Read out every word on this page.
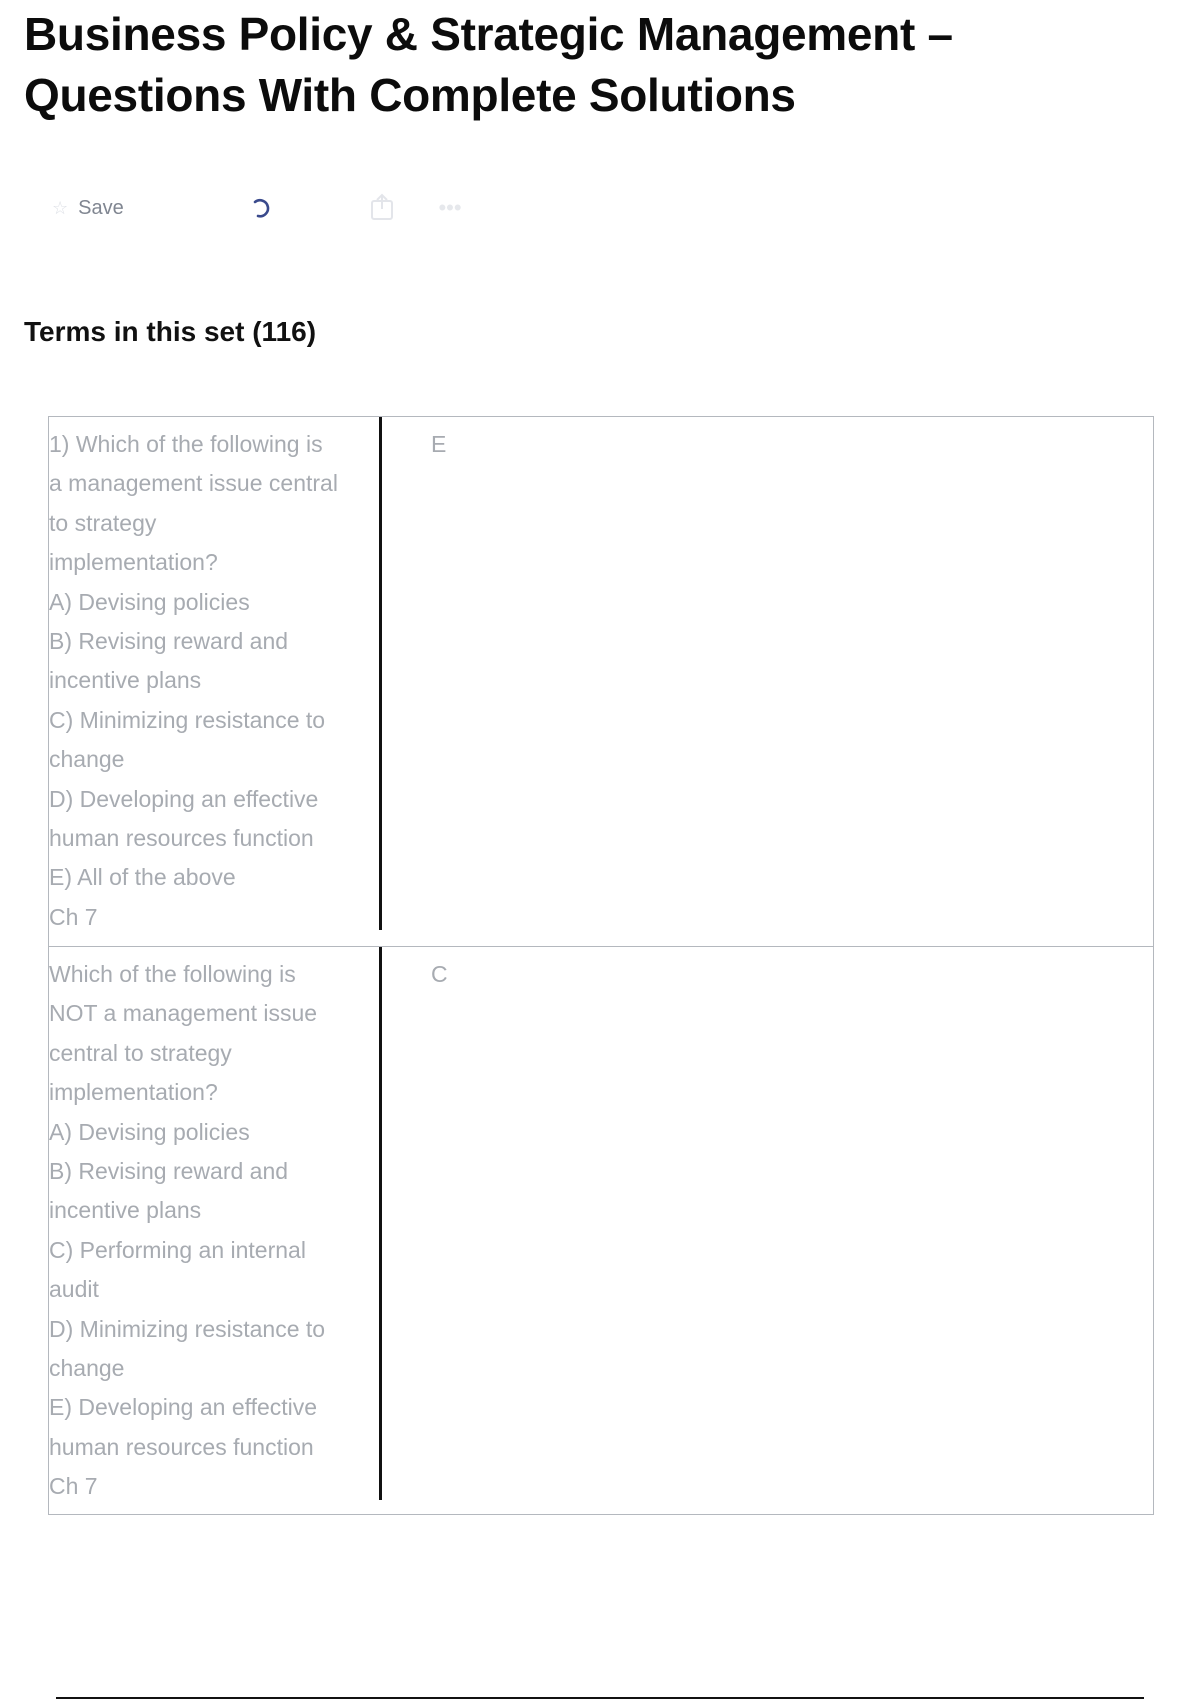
Business Policy & Strategic Management – Questions With Complete Solutions
☆ Save	•••
Terms in this set (116)

1) Which of the following is
a management issue central
to strategy
implementation?
A) Devising policies
B) Revising reward and
incentive plans
C) Minimizing resistance to
change
D) Developing an effective
human resources function
E) All of the above
Ch 7

E

Which of the following is
NOT a management issue
central to strategy
implementation?
A) Devising policies
B) Revising reward and
incentive plans
C) Performing an internal
audit
D) Minimizing resistance to
change
E) Developing an effective
human resources function
Ch 7

C
